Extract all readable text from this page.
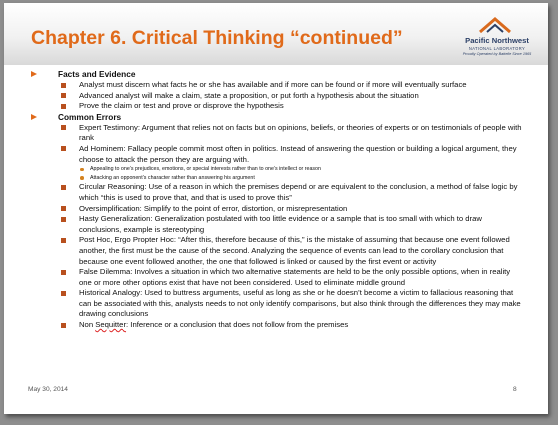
Chapter 6. Critical Thinking “continued”	Pacific Northwest
NATIONAL LABORATORY
Proudly Operated by Battelle Since 1965
Facts and Evidence
Analyst must discern what facts he or she has available and if more can be found or if more will eventually surface
Advanced analyst will make a claim, state a proposition, or put forth a hypothesis about the situation
Prove the claim or test and prove or disprove the hypothesis
Common Errors
Expert Testimony: Argument that relies not on facts but on opinions, beliefs, or theories of experts or on testimonials of people with rank
Ad Hominem: Fallacy people commit most often in politics. Instead of answering the question or building a logical argument, they choose to attack the person they are arguing with.
Appealing to one’s prejudices, emotions, or special interests rather than to one’s intellect or reason
Attacking an opponent’s character rather than answering his argument
Circular Reasoning: Use of a reason in which the premises depend or are equivalent to the conclusion, a method of false logic by which “this is used to prove that, and that is used to prove this”
Oversimplification: Simplify to the point of error, distortion, or misrepresentation
Hasty Generalization: Generalization postulated with too little evidence or a sample that is too small with which to draw conclusions, example is stereotyping
Post Hoc, Ergo Propter Hoc: “After this, therefore because of this,” is the mistake of assuming that because one event followed another, the first must be the cause of the second. Analyzing the sequence of events can lead to the corollary conclusion that because one event followed another, the one that followed is linked or caused by the first event or activity
False Dilemma: Involves a situation in which two alternative statements are held to be the only possible options, when in reality one or more other options exist that have not been considered. Used to eliminate middle ground
Historical Analogy: Used to buttress arguments, useful as long as she or he doesn’t become a victim to fallacious reasoning that can be associated with this, analysts needs to not only identify comparisons, but also think through the differences they may make drawing conclusions
Non Sequitter: Inference or a conclusion that does not follow from the premises
May 30, 2014	8
